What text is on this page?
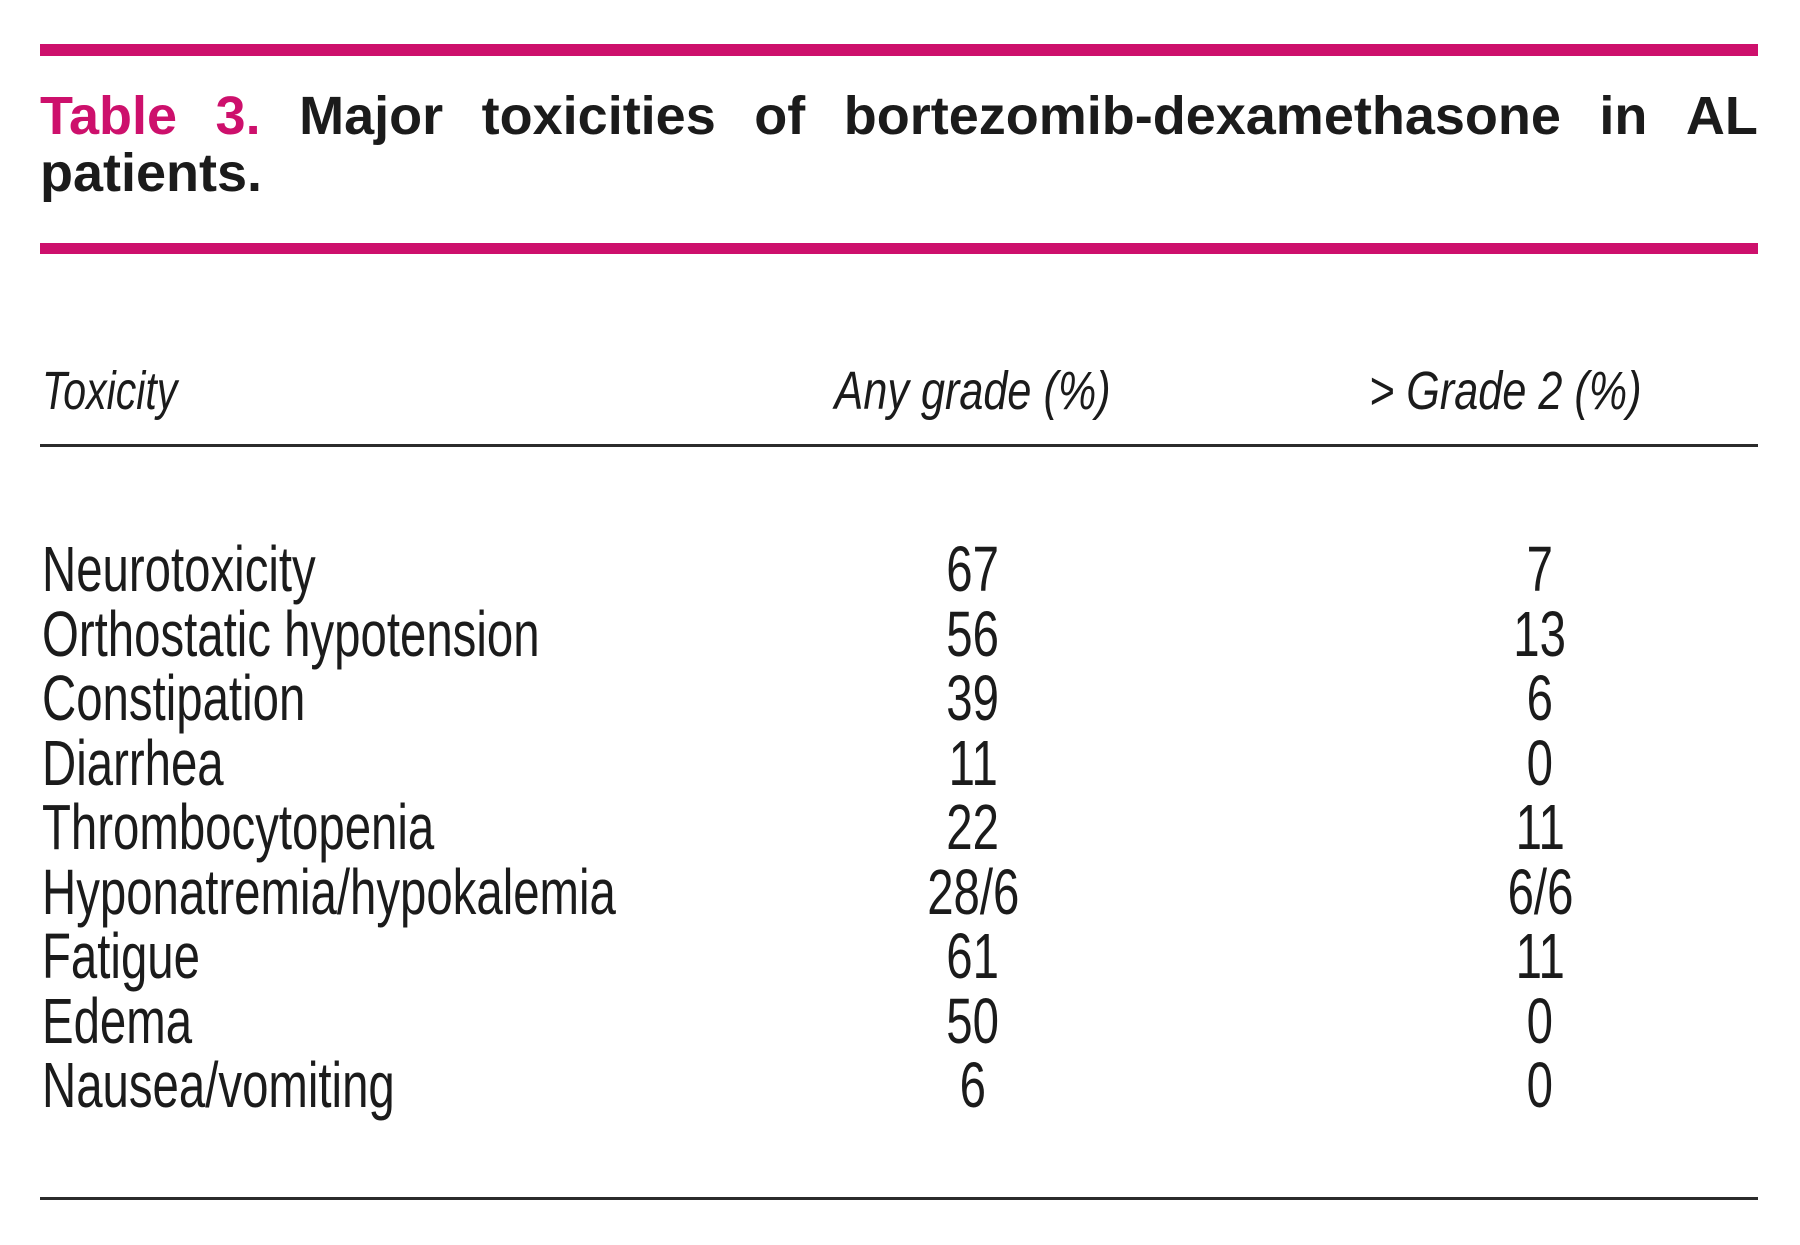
Table 3. Major toxicities of bortezomib-dexamethasone in AL
patients.
Toxicity	Any grade (%)	> Grade 2 (%)
Neurotoxicity	67	7
Orthostatic hypotension	56	13
Constipation	39	6
Diarrhea	11	0
Thrombocytopenia	22	11
Hyponatremia/hypokalemia	28/6	6/6
Fatigue	61	11
Edema	50	0
Nausea/vomiting	6	0
